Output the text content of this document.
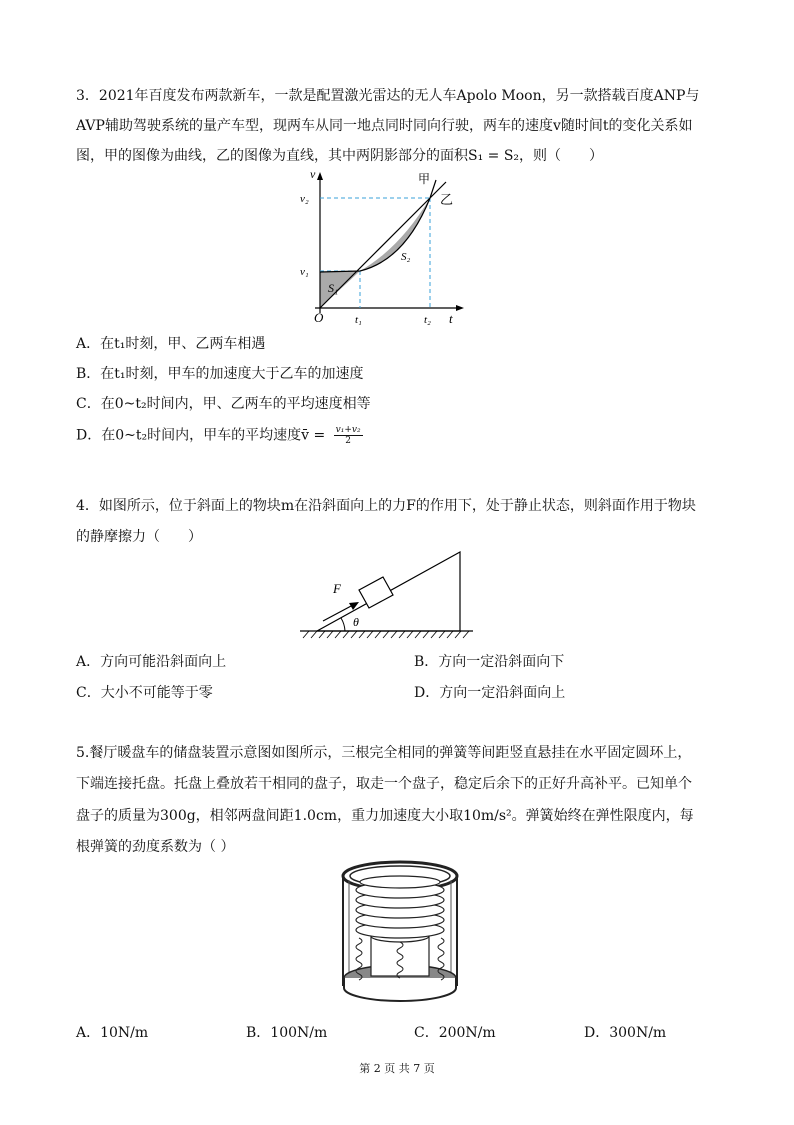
3．2021年百度发布两款新车，一款是配置激光雷达的无人车Apolo Moon，另一款搭载百度ANP与
AVP辅助驾驶系统的量产车型，现两车从同一地点同时同向行驶，两车的速度v随时间t的变化关系如
图，甲的图像为曲线，乙的图像为直线，其中两阴影部分的面积S₁ = S₂，则（　　）
v
v₂
v₁
S₁
S₂
甲
乙
O	t₁	t₂ t
A．在t₁时刻，甲、乙两车相遇
B．在t₁时刻，甲车的加速度大于乙车的加速度
C．在0~t₂时间内，甲、乙两车的平均速度相等
D．在0~t₂时间内，甲车的平均速度v̄ = $\frac{\text{v₁+v₂}}{2}$
4．如图所示，位于斜面上的物块m在沿斜面向上的力F的作用下，处于静止状态，则斜面作用于物块
的静摩擦力（　　）
F
θ
A．方向可能沿斜面向上	B．方向一定沿斜面向下
C．大小不可能等于零	D．方向一定沿斜面向上
5.餐厅暖盘车的储盘装置示意图如图所示，三根完全相同的弹簧等间距竖直悬挂在水平固定圆环上，
下端连接托盘。托盘上叠放若干相同的盘子，取走一个盘子，稳定后余下的正好升高补平。已知单个
盘子的质量为300g，相邻两盘间距1.0cm，重力加速度大小取10m/s²。弹簧始终在弹性限度内，每
根弹簧的劲度系数为（ ）
A．10N/m	B．100N/m	C．200N/m	D．300N/m
第 2 页 共 7 页
